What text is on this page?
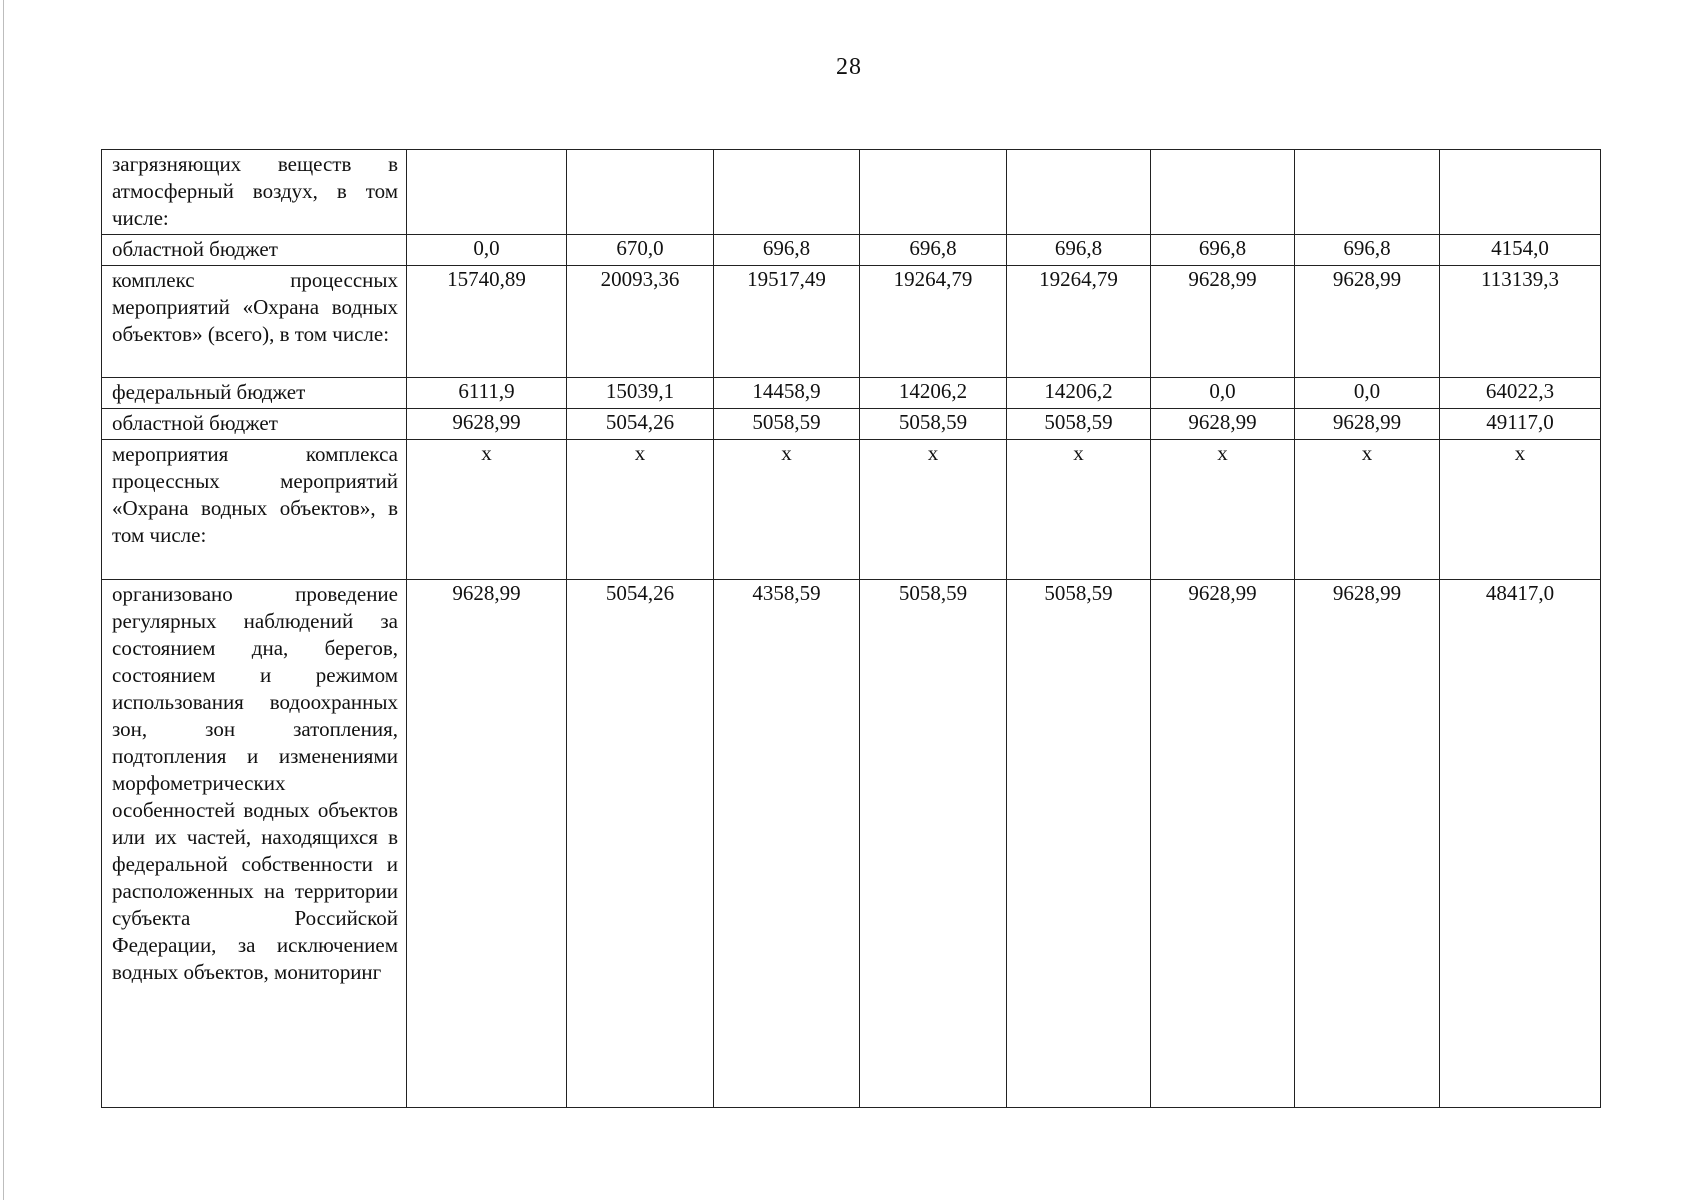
28
загрязняющих веществ в атмосферный воздух, в том числе:								
областной бюджет	0,0	670,0	696,8	696,8	696,8	696,8	696,8	4154,0
комплекс процессных мероприятий «Охрана водных объектов» (всего), в том числе:	15740,89	20093,36	19517,49	19264,79	19264,79	9628,99	9628,99	113139,3
федеральный бюджет	6111,9	15039,1	14458,9	14206,2	14206,2	0,0	0,0	64022,3
областной бюджет	9628,99	5054,26	5058,59	5058,59	5058,59	9628,99	9628,99	49117,0
мероприятия комплекса процессных мероприятий «Охрана водных объектов», в том числе:	х	х	х	х	х	х	х	х
организовано проведение регулярных наблюдений за состоянием дна, берегов, состоянием и режимом использования водоохранных зон, зон затопления, подтопления и изменениями морфометрических особенностей водных объектов или их частей, находящихся в федеральной собственности и расположенных на территории субъекта Российской Федерации, за исключением водных объектов, мониторинг	9628,99	5054,26	4358,59	5058,59	5058,59	9628,99	9628,99	48417,0
